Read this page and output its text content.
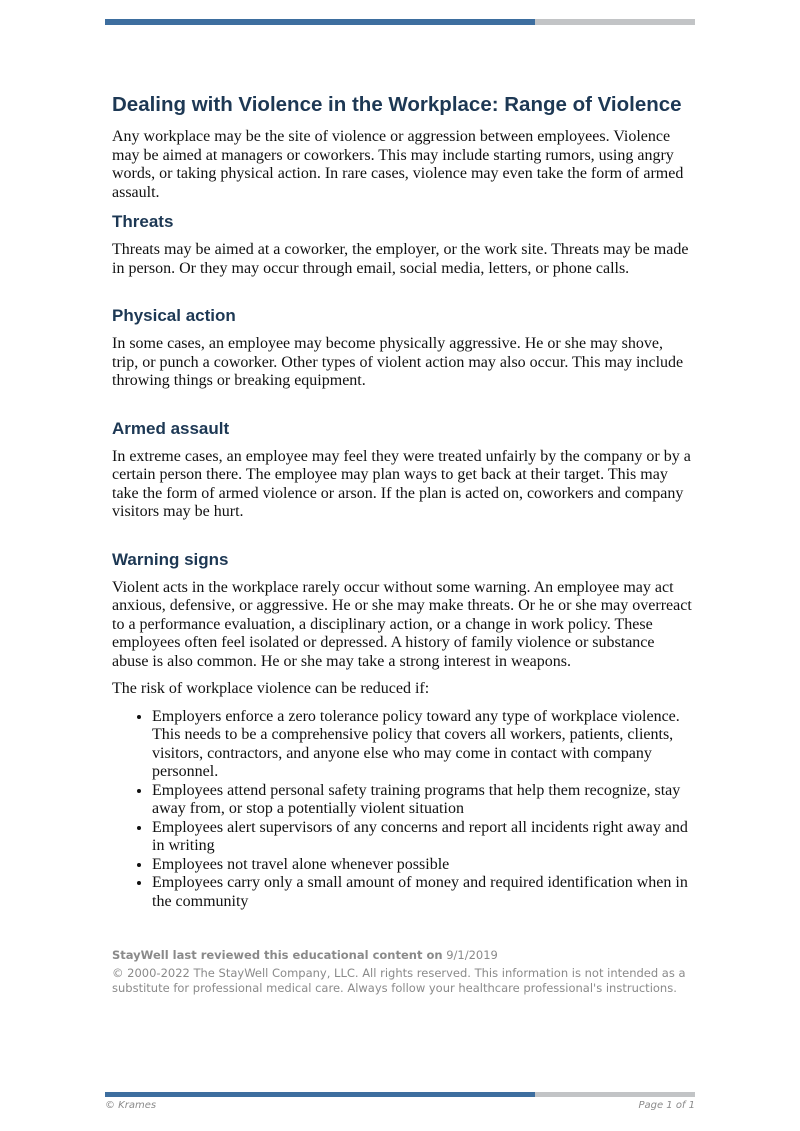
Dealing with Violence in the Workplace: Range of Violence

Any workplace may be the site of violence or aggression between employees. Violence may be aimed at managers or coworkers. This may include starting rumors, using angry words, or taking physical action. In rare cases, violence may even take the form of armed assault.

Threats

Threats may be aimed at a coworker, the employer, or the work site. Threats may be made in person. Or they may occur through email, social media, letters, or phone calls.

Physical action

In some cases, an employee may become physically aggressive. He or she may shove, trip, or punch a coworker. Other types of violent action may also occur. This may include throwing things or breaking equipment.

Armed assault

In extreme cases, an employee may feel they were treated unfairly by the company or by a certain person there. The employee may plan ways to get back at their target. This may take the form of armed violence or arson. If the plan is acted on, coworkers and company visitors may be hurt.

Warning signs

Violent acts in the workplace rarely occur without some warning. An employee may act anxious, defensive, or aggressive. He or she may make threats. Or he or she may overreact to a performance evaluation, a disciplinary action, or a change in work policy. These employees often feel isolated or depressed. A history of family violence or substance abuse is also common. He or she may take a strong interest in weapons.

The risk of workplace violence can be reduced if:

• Employers enforce a zero tolerance policy toward any type of workplace violence. This needs to be a comprehensive policy that covers all workers, patients, clients, visitors, contractors, and anyone else who may come in contact with company personnel.
• Employees attend personal safety training programs that help them recognize, stay away from, or stop a potentially violent situation
• Employees alert supervisors of any concerns and report all incidents right away and in writing
• Employees not travel alone whenever possible
• Employees carry only a small amount of money and required identification when in the community
StayWell last reviewed this educational content on 9/1/2019
© 2000-2022 The StayWell Company, LLC. All rights reserved. This information is not intended as a substitute for professional medical care. Always follow your healthcare professional's instructions.
© Krames	Page 1 of 1
